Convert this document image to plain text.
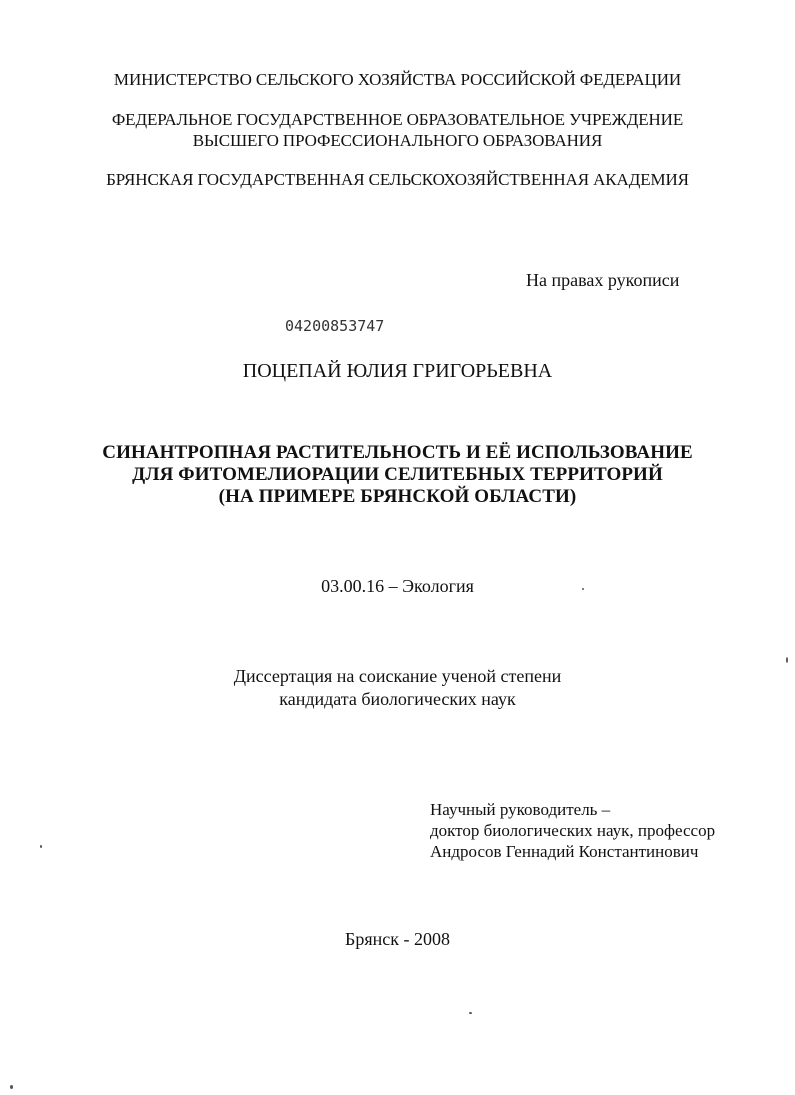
МИНИСТЕРСТВО СЕЛЬСКОГО ХОЗЯЙСТВА РОССИЙСКОЙ ФЕДЕРАЦИИ
ФЕДЕРАЛЬНОЕ ГОСУДАРСТВЕННОЕ ОБРАЗОВАТЕЛЬНОЕ УЧРЕЖДЕНИЕ
ВЫСШЕГО ПРОФЕССИОНАЛЬНОГО ОБРАЗОВАНИЯ
БРЯНСКАЯ ГОСУДАРСТВЕННАЯ СЕЛЬСКОХОЗЯЙСТВЕННАЯ АКАДЕМИЯ
На правах рукописи
04200853747
ПОЦЕПАЙ ЮЛИЯ ГРИГОРЬЕВНА
СИНАНТРОПНАЯ РАСТИТЕЛЬНОСТЬ И ЕЁ ИСПОЛЬЗОВАНИЕ
ДЛЯ ФИТОМЕЛИОРАЦИИ СЕЛИТЕБНЫХ ТЕРРИТОРИЙ
(НА ПРИМЕРЕ БРЯНСКОЙ ОБЛАСТИ)
03.00.16 – Экология
Диссертация на соискание ученой степени
кандидата биологических наук
Научный руководитель –
доктор биологических наук, профессор
Андросов Геннадий Константинович
Брянск - 2008
